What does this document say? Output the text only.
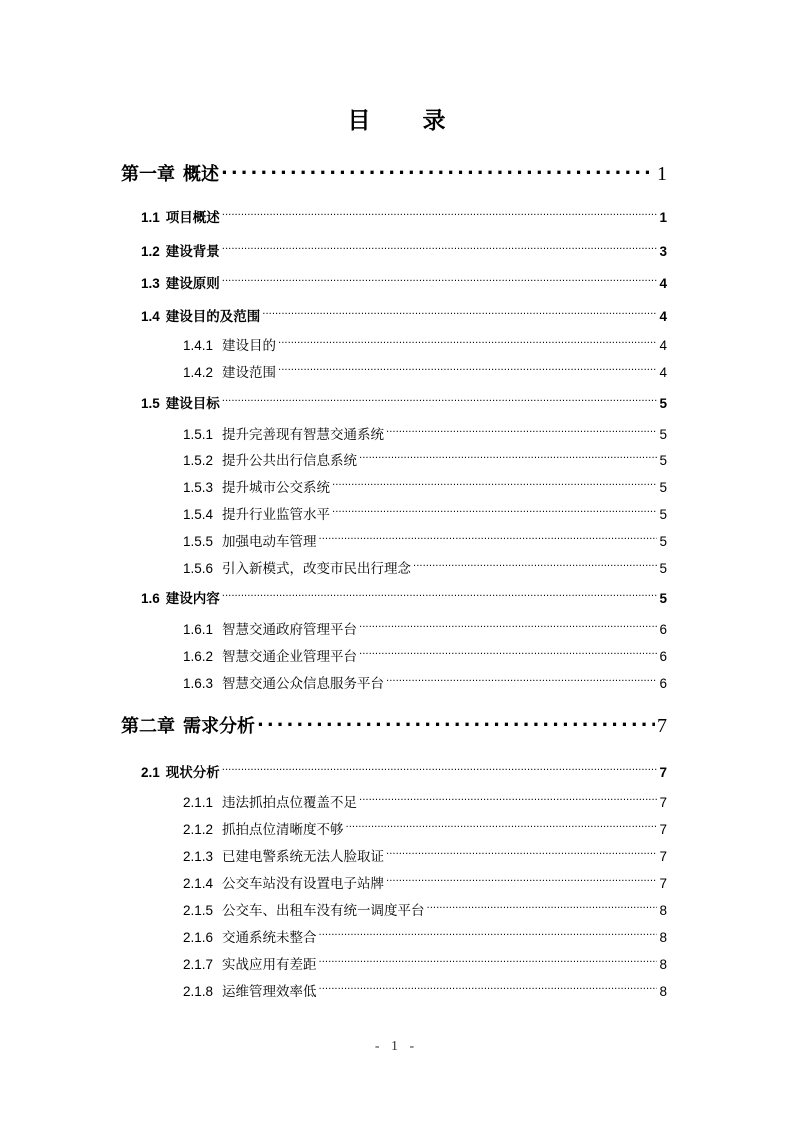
目 录
第一章 概述 .....	1
1.1 项目概述 .....	1
1.2 建设背景 .....	3
1.3 建设原则 .....	4
1.4 建设目的及范围 .....	4
1.4.1 建设目的 .....	4
1.4.2 建设范围 .....	4
1.5 建设目标 .....	5
1.5.1 提升完善现有智慧交通系统 .....	5
1.5.2 提升公共出行信息系统 .....	5
1.5.3 提升城市公交系统 .....	5
1.5.4 提升行业监管水平 .....	5
1.5.5 加强电动车管理 .....	5
1.5.6 引入新模式，改变市民出行理念 .....	5
1.6 建设内容 .....	5
1.6.1 智慧交通政府管理平台 .....	6
1.6.2 智慧交通企业管理平台 .....	6
1.6.3 智慧交通公众信息服务平台 .....	6
第二章 需求分析 .....	7
2.1 现状分析 .....	7
2.1.1 违法抓拍点位覆盖不足 .....	7
2.1.2 抓拍点位清晰度不够 .....	7
2.1.3 已建电警系统无法人脸取证 .....	7
2.1.4 公交车站没有设置电子站牌 .....	7
2.1.5 公交车、出租车没有统一调度平台 .....	8
2.1.6 交通系统未整合 .....	8
2.1.7 实战应用有差距 .....	8
2.1.8 运维管理效率低 .....	8
- 1 -
